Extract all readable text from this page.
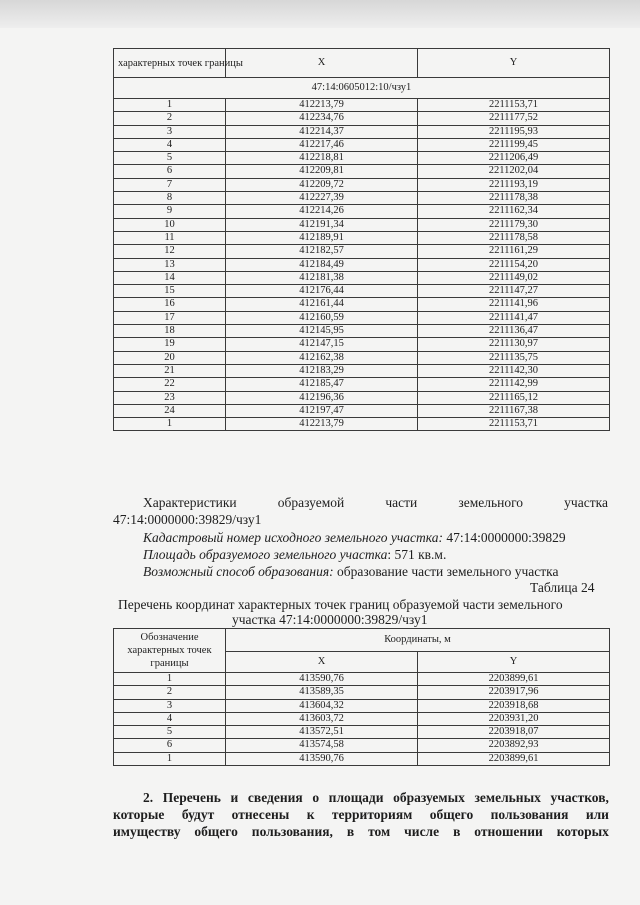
характерных точек границы	X	Y
47:14:0605012:10/чзу1		
1	412213,79	2211153,71
2	412234,76	2211177,52
3	412214,37	2211195,93
4	412217,46	2211199,45
5	412218,81	2211206,49
6	412209,81	2211202,04
7	412209,72	2211193,19
8	412227,39	2211178,38
9	412214,26	2211162,34
10	412191,34	2211179,30
11	412189,91	2211178,58
12	412182,57	2211161,29
13	412184,49	2211154,20
14	412181,38	2211149,02
15	412176,44	2211147,27
16	412161,44	2211141,96
17	412160,59	2211141,47
18	412145,95	2211136,47
19	412147,15	2211130,97
20	412162,38	2211135,75
21	412183,29	2211142,30
22	412185,47	2211142,99
23	412196,36	2211165,12
24	412197,47	2211167,38
1	412213,79	2211153,71
Характеристики	образуемой	части	земельного	участка
47:14:0000000:39829/чзу1
Кадастровый номер исходного земельного участка: 47:14:0000000:39829
Площадь образуемого земельного участка: 571 кв.м.
Возможный способ образования: образование части земельного участка
Таблица 24
Перечень координат характерных точек границ образуемой части земельного
участка 47:14:0000000:39829/чзу1
Обозначение характерных точек границы	Координаты, м	
	X	Y
1	413590,76	2203899,61
2	413589,35	2203917,96
3	413604,32	2203918,68
4	413603,72	2203931,20
5	413572,51	2203918,07
6	413574,58	2203892,93
1	413590,76	2203899,61
2. Перечень и сведения о площади образуемых земельных участков,
которые будут отнесены к территориям общего пользования или
имуществу общего пользования, в том числе в отношении которых
